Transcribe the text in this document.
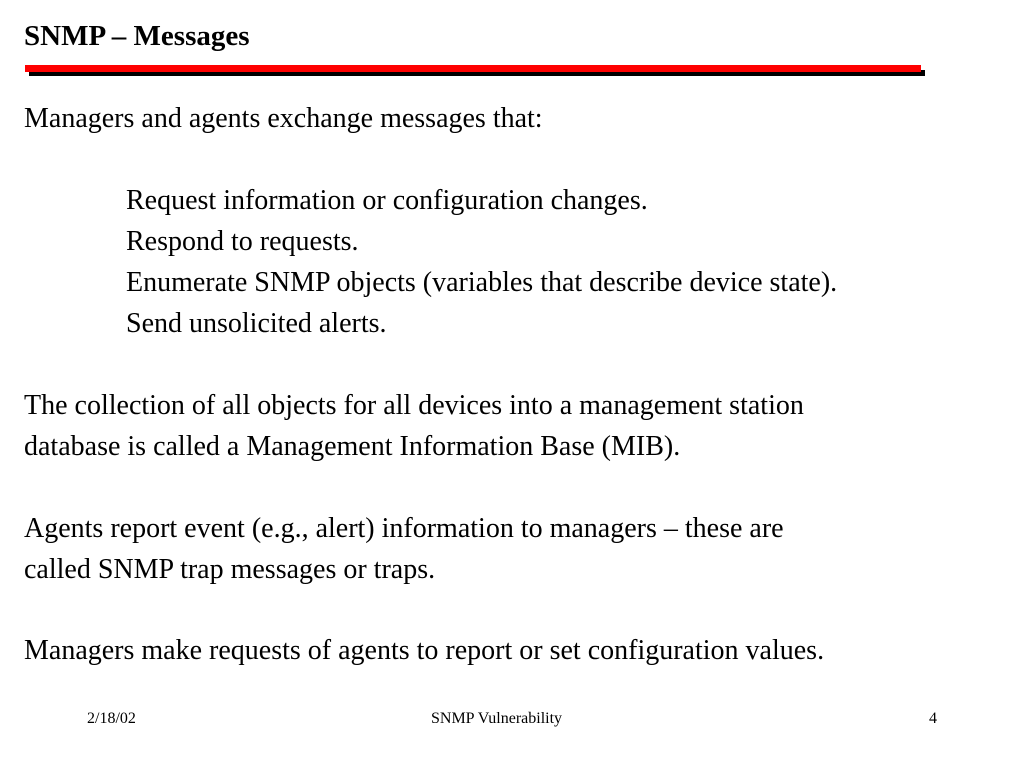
SNMP – Messages
Managers and agents exchange messages that:
Request information or configuration changes.
Respond to requests.
Enumerate SNMP objects (variables that describe device state).
Send unsolicited alerts.
The collection of all objects for all devices into a management station
database is called a Management Information Base (MIB).
Agents report event (e.g., alert) information to managers – these are
called SNMP trap messages or traps.
Managers make requests of agents to report or set configuration values.
2/18/02	SNMP Vulnerability	4
